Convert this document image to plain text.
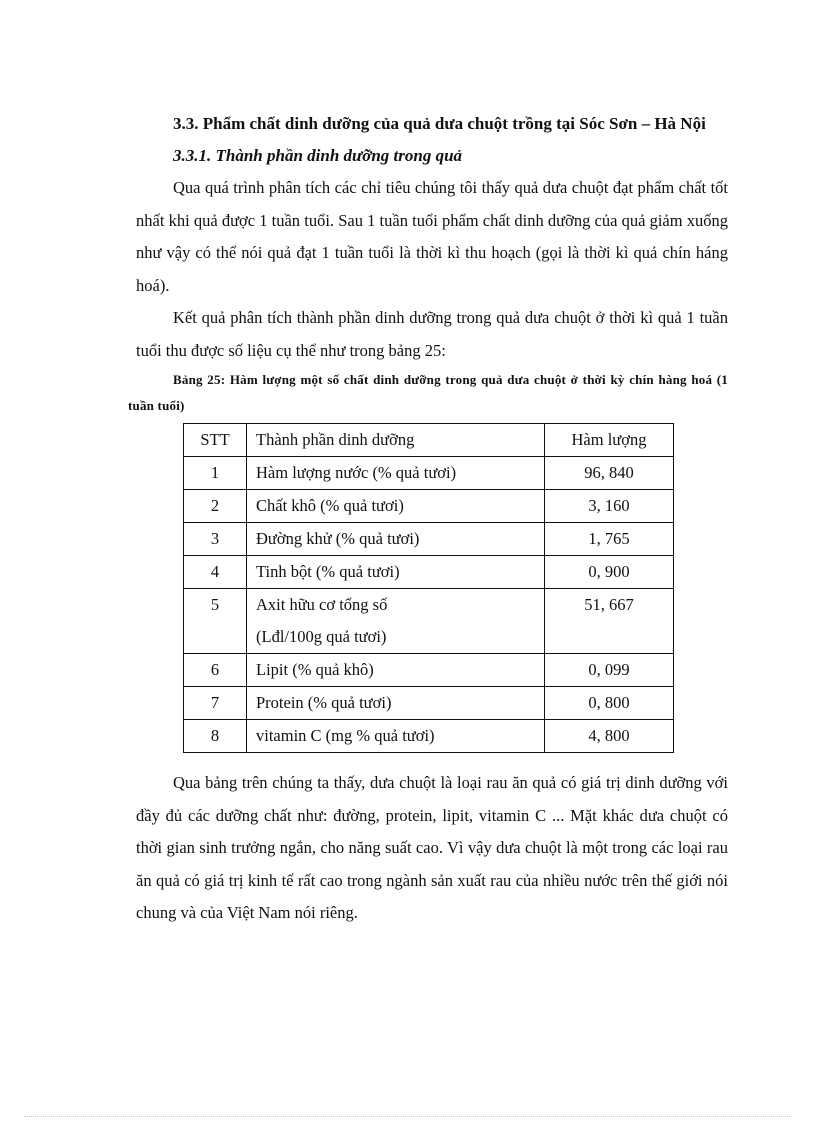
3.3. Phẩm chất dinh dưỡng của quả dưa chuột trồng tại Sóc Sơn – Hà Nội

3.3.1. Thành phần dinh dưỡng trong quả

Qua quá trình phân tích các chỉ tiêu chúng tôi thấy quả dưa chuột đạt phẩm chất tốt nhất khi quả được 1 tuần tuổi. Sau 1 tuần tuổi phẩm chất dinh dưỡng của quả giảm xuống như vậy có thể nói quả đạt 1 tuần tuổi là thời kì thu hoạch (gọi là thời kì quả chín háng hoá).

Kết quả phân tích thành phần dinh dưỡng trong quả dưa chuột ở thời kì quả 1 tuần tuổi thu được số liệu cụ thể như trong bảng 25:

Bảng 25: Hàm lượng một số chất dinh dưỡng trong quả dưa chuột ở thời kỳ chín hàng hoá (1 tuần tuổi)

STT	Thành phần dinh dưỡng	Hàm lượng
1	Hàm lượng nước (% quả tươi)	96, 840
2	Chất khô (% quả tươi)	3, 160
3	Đường khử (% quả tươi)	1, 765
4	Tinh bột (% quả tươi)	0, 900
5	Axit hữu cơ tổng số
(Lđl/100g quả tươi)	51, 667
6	Lipit (% quả khô)	0, 099
7	Protein (% quả tươi)	0, 800
8	vitamin C (mg % quả tươi)	4, 800

Qua bảng trên chúng ta thấy, dưa chuột là loại rau ăn quả có giá trị dinh dưỡng với đầy đủ các dưỡng chất như: đường, protein, lipit, vitamin C ... Mặt khác dưa chuột có thời gian sinh trưởng ngắn, cho năng suất cao. Vì vậy dưa chuột là một trong các loại rau ăn quả có giá trị kinh tế rất cao trong ngành sản xuất rau của nhiều nước trên thế giới nói chung và của Việt Nam nói riêng.
